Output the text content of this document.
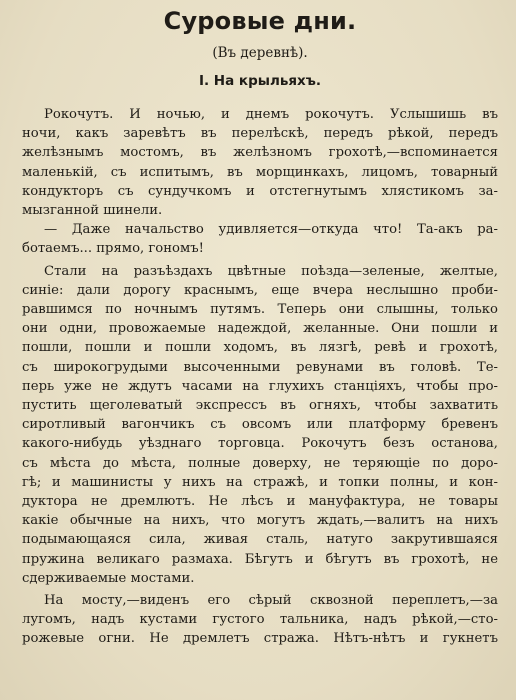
Суровые дни.
(Въ деревнѣ).
I. На крыльяхъ.
Рокочутъ. И ночью, и днемъ рокочутъ. Услышишь въ
ночи, какъ заревѣтъ въ перелѣскѣ, передъ рѣкой, передъ
желѣзнымъ мостомъ, въ желѣзномъ грохотѣ,—вспоминается
маленькій, съ испитымъ, въ морщинкахъ, лицомъ, товарный
кондукторъ съ сундучкомъ и отстегнутымъ хлястикомъ за-
мызганной шинели.
— Даже начальство удивляется—откуда что! Та-акъ ра-
ботаемъ... прямо, гономъ!
Стали на разъѣздахъ цвѣтные поѣзда—зеленые, желтые,
синіе: дали дорогу краснымъ, еще вчера неслышно проби-
равшимся по ночнымъ путямъ. Теперь они слышны, только
они одни, провожаемые надеждой, желанные. Они пошли и
пошли, пошли и пошли ходомъ, въ лязгѣ, ревѣ и грохотѣ,
съ широкогрудыми высоченными ревунами въ головѣ. Те-
перь уже не ждутъ часами на глухихъ станціяхъ, чтобы про-
пустить щеголеватый экспрессъ въ огняхъ, чтобы захватить
сиротливый вагончикъ съ овсомъ или платформу бревенъ
какого-нибудь уѣзднаго торговца. Рокочутъ безъ останова,
съ мѣста до мѣста, полные доверху, не теряющіе по доро-
гѣ; и машинисты у нихъ на стражѣ, и топки полны, и кон-
дуктора не дремлютъ. Не лѣсъ и мануфактура, не товары
какіе обычные на нихъ, что могутъ ждать,—валитъ на нихъ
подымающаяся сила, живая сталь, натуго закрутившаяся
пружина великаго размаха. Бѣгутъ и бѣгутъ въ грохотѣ, не
сдерживаемые мостами.
На мосту,—виденъ его сѣрый сквозной переплетъ,—за
лугомъ, надъ кустами густого тальника, надъ рѣкой,—сто-
рожевые огни. Не дремлетъ стража. Нѣтъ-нѣтъ и гукнетъ
